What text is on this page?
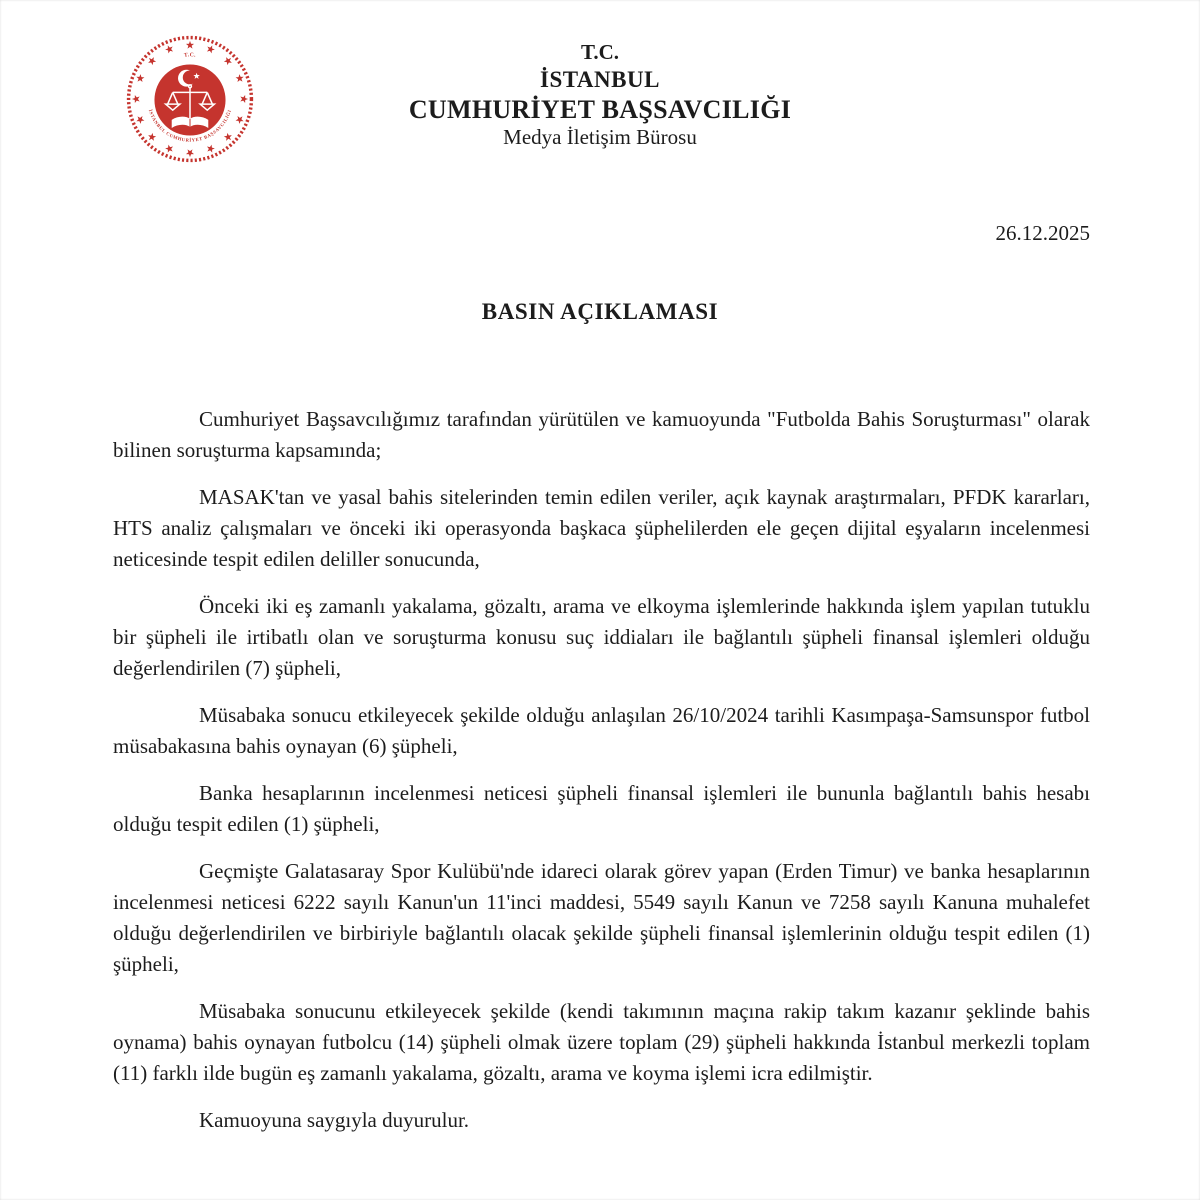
T.C.
İSTANBUL CUMHURİYET BAŞSAVCILIĞI
T.C.
İSTANBUL
CUMHURİYET BAŞSAVCILIĞI
Medya İletişim Bürosu
26.12.2025
BASIN AÇIKLAMASI

Cumhuriyet Başsavcılığımız tarafından yürütülen ve kamuoyunda "Futbolda Bahis Soruşturması" olarak bilinen soruşturma kapsamında;

MASAK'tan ve yasal bahis sitelerinden temin edilen veriler, açık kaynak araştırmaları, PFDK kararları, HTS analiz çalışmaları ve önceki iki operasyonda başkaca şüphelilerden ele geçen dijital eşyaların incelenmesi neticesinde tespit edilen deliller sonucunda,

Önceki iki eş zamanlı yakalama, gözaltı, arama ve elkoyma işlemlerinde hakkında işlem yapılan tutuklu bir şüpheli ile irtibatlı olan ve soruşturma konusu suç iddiaları ile bağlantılı şüpheli finansal işlemleri olduğu değerlendirilen (7) şüpheli,

Müsabaka sonucu etkileyecek şekilde olduğu anlaşılan 26/10/2024 tarihli Kasımpaşa-Samsunspor futbol müsabakasına bahis oynayan (6) şüpheli,

Banka hesaplarının incelenmesi neticesi şüpheli finansal işlemleri ile bununla bağlantılı bahis hesabı olduğu tespit edilen (1) şüpheli,

Geçmişte Galatasaray Spor Kulübü'nde idareci olarak görev yapan (Erden Timur) ve banka hesaplarının incelenmesi neticesi 6222 sayılı Kanun'un 11'inci maddesi, 5549 sayılı Kanun ve 7258 sayılı Kanuna muhalefet olduğu değerlendirilen ve birbiriyle bağlantılı olacak şekilde şüpheli finansal işlemlerinin olduğu tespit edilen (1) şüpheli,

Müsabaka sonucunu etkileyecek şekilde (kendi takımının maçına rakip takım kazanır şeklinde bahis oynama) bahis oynayan futbolcu (14) şüpheli olmak üzere toplam (29) şüpheli hakkında İstanbul merkezli toplam (11) farklı ilde bugün eş zamanlı yakalama, gözaltı, arama ve koyma işlemi icra edilmiştir.

Kamuoyuna saygıyla duyurulur.
